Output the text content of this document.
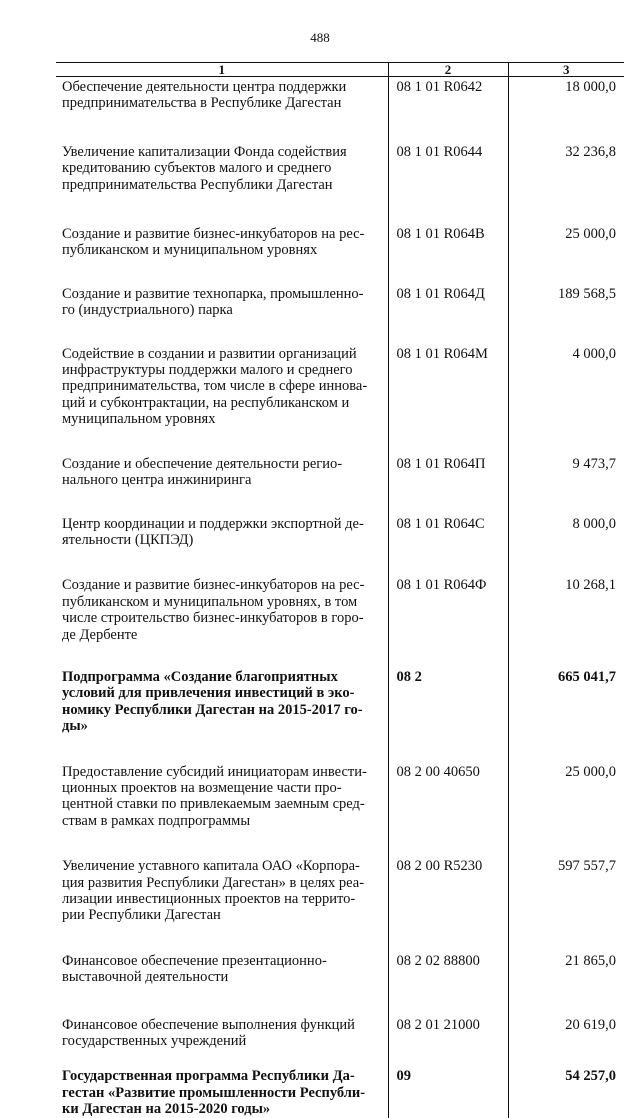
488
1	2	3

Обеспечение деятельности центра поддержки
предпринимательства в Республике Дагестан	08 1 01 R0642	18 000,0

Увеличение капитализации Фонда содействия
кредитованию субъектов малого и среднего
предпринимательства Республики Дагестан	08 1 01 R0644	32 236,8

Создание и развитие бизнес-инкубаторов на рес-
публиканском и муниципальном уровнях	08 1 01 R064В	25 000,0

Создание и развитие технопарка, промышленно-
го (индустриального) парка	08 1 01 R064Д	189 568,5

Содействие в создании и развитии организаций
инфраструктуры поддержки малого и среднего
предпринимательства, том числе в сфере иннова-
ций и субконтрактации, на республиканском и
муниципальном уровнях	08 1 01 R064М	4 000,0

Создание и обеспечение деятельности регио-
нального центра инжиниринга	08 1 01 R064П	9 473,7

Центр координации и поддержки экспортной де-
ятельности (ЦКПЭД)	08 1 01 R064С	8 000,0

Создание и развитие бизнес-инкубаторов на рес-
публиканском и муниципальном уровнях, в том
числе строительство бизнес-инкубаторов в горо-
де Дербенте	08 1 01 R064Ф	10 268,1

Подпрограмма «Создание благоприятных
условий для привлечения инвестиций в эко-
номику Республики Дагестан на 2015-2017 го-
ды»	08 2	665 041,7

Предоставление субсидий инициаторам инвести-
ционных проектов на возмещение части про-
центной ставки по привлекаемым заемным сред-
ствам в рамках подпрограммы	08 2 00 40650	25 000,0

Увеличение уставного капитала ОАО «Корпора-
ция развития Республики Дагестан» в целях реа-
лизации инвестиционных проектов на террито-
рии Республики Дагестан	08 2 00 R5230	597 557,7

Финансовое обеспечение презентационно-
выставочной деятельности	08 2 02 88800	21 865,0

Финансовое обеспечение выполнения функций
государственных учреждений	08 2 01 21000	20 619,0

Государственная программа Республики Да-
гестан «Развитие промышленности Республи-
ки Дагестан на 2015-2020 годы»	09	54 257,0
